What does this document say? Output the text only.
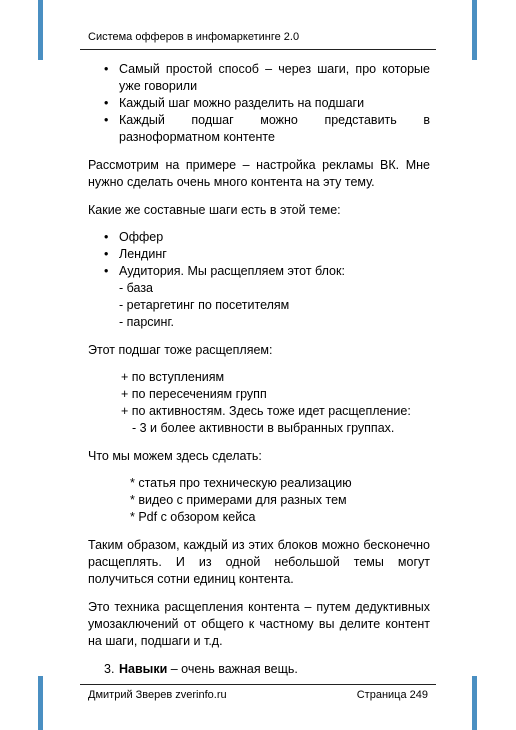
Система офферов в инфомаркетинге 2.0
• Самый простой способ – через шаги, про которые уже говорили
• Каждый шаг можно разделить на подшаги
• Каждый подшаг можно представить в разноформатном контенте

Рассмотрим на примере – настройка рекламы ВК. Мне нужно сделать очень много контента на эту тему.

Какие же составные шаги есть в этой теме:

• Оффер
• Лендинг
• Аудитория. Мы расщепляем этот блок:
- база
- ретаргетинг по посетителям
- парсинг.

Этот подшаг тоже расщепляем:

+ по вступлениям
+ по пересечениям групп
+ по активностям. Здесь тоже идет расщепление:
- 3 и более активности в выбранных группах.

Что мы можем здесь сделать:

* статья про техническую реализацию
* видео с примерами для разных тем
* Pdf с обзором кейса

Таким образом, каждый из этих блоков можно бесконечно расщеплять. И из одной небольшой темы могут получиться сотни единиц контента.

Это техника расщепления контента – путем дедуктивных умозаключений от общего к частному вы делите контент на шаги, подшаги и т.д.

3. Навыки – очень важная вещь.
Дмитрий Зверев zverinfo.ru	Страница 249
